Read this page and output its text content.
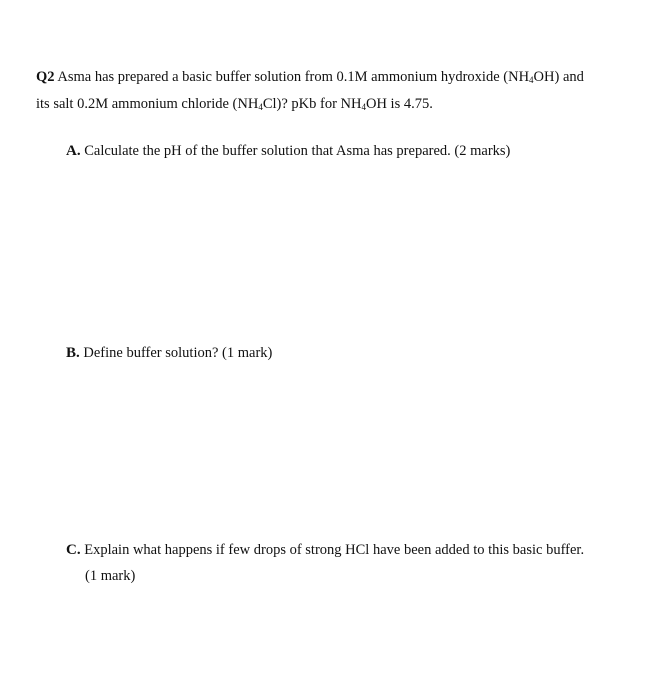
Q2 Asma has prepared a basic buffer solution from 0.1M ammonium hydroxide $(NH_4OH)$ and
its salt 0.2M ammonium chloride $(NH_4Cl)$? pKb for $NH_4OH$ is 4.75.

A. Calculate the pH of the buffer solution that Asma has prepared. (2 marks)

B. Define buffer solution? (1 mark)

C. Explain what happens if few drops of strong HCl have been added to this basic buffer.

(1 mark)
